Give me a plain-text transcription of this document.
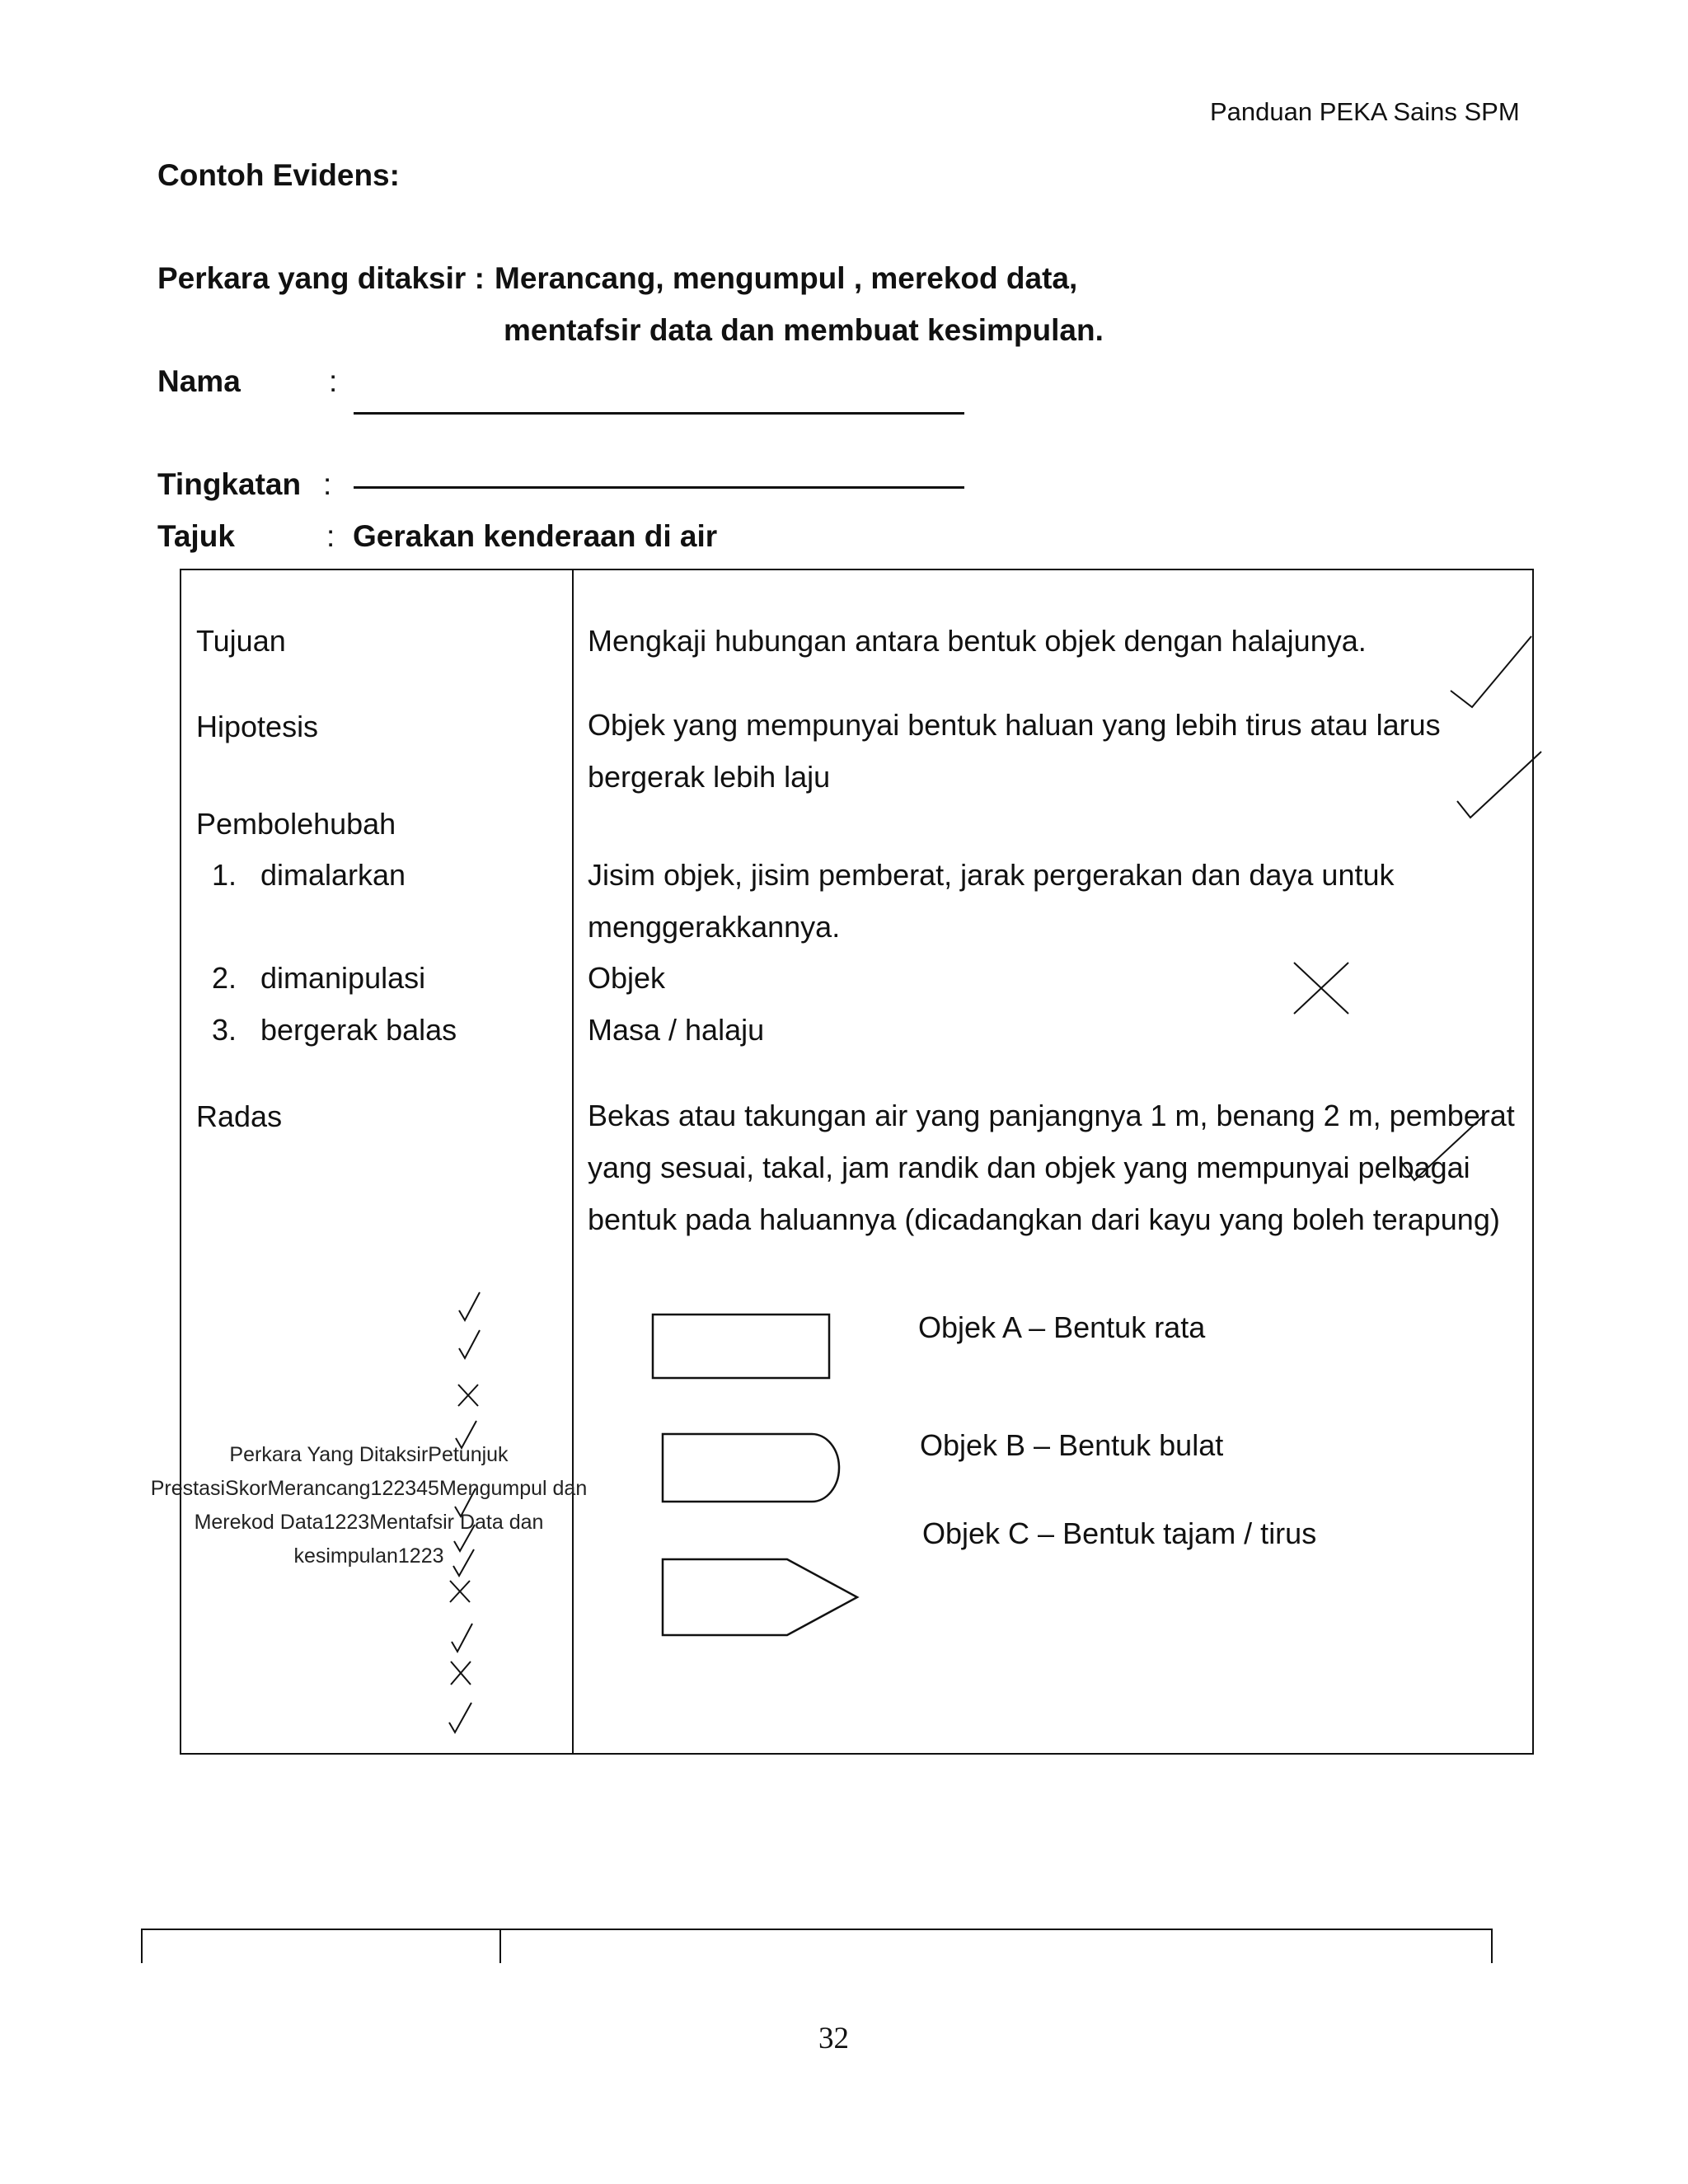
Panduan PEKA Sains SPM
Contoh Evidens:
Perkara yang ditaksir : Merancang, mengumpul , merekod data,
mentafsir data dan membuat kesimpulan.
Nama	:
Tingkatan :
Tajuk	: Gerakan kenderaan di air
Tujuan
Hipotesis
Pembolehubah
1. dimalarkan
2. dimanipulasi
3. bergerak balas
Radas
Mengkaji hubungan antara bentuk objek dengan halajunya.
Objek yang mempunyai bentuk haluan yang lebih tirus atau larus bergerak lebih laju
Jisim objek, jisim pemberat, jarak pergerakan dan daya untuk menggerakkannya.
Objek
Masa / halaju
Bekas atau takungan air yang panjangnya 1 m, benang 2 m, pemberat yang sesuai, takal, jam randik dan objek yang mempunyai pelbagai bentuk pada haluannya (dicadangkan dari kayu yang boleh terapung)
Objek A – Bentuk rata
Objek B – Bentuk bulat
Objek C – Bentuk tajam / tirus
Perkara Yang DitaksirPetunjuk
PrestasiSkorMerancang122345Mengumpul dan
Merekod Data1223Mentafsir Data dan
kesimpulan1223
32
